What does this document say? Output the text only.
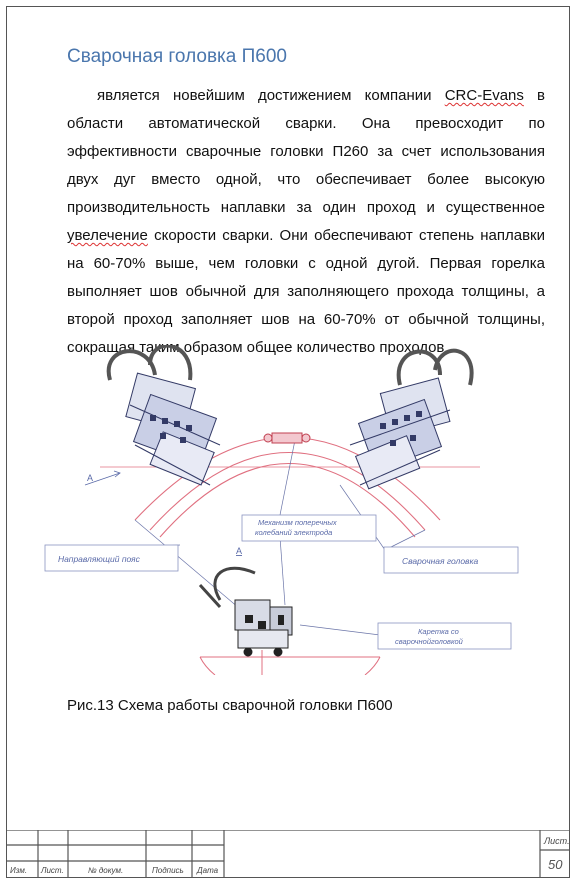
Сварочная головка П600
является новейшим достижением компании CRC-Evans в области автоматической сварки. Она превосходит по эффективности сварочные головки П260 за счет использования двух дуг вместо одной, что обеспечивает более высокую производительность наплавки за один проход и существенное увелечение скорости сварки. Они обеспечивают степень наплавки на 60-70% выше, чем головки с одной дугой. Первая горелка выполняет шов обычной для заполняющего прохода толщины, а второй проход заполняет шов на 60-70% от обычной толщины, сокращая таким образом общее количество проходов.
А
А
Направляющий пояс
Механизм поперечных
колебаний электрода
Сварочная головка
Каретка со
сварочнойголовкой
Рис.13 Схема работы сварочной головки П600
Изм. Лист.	№ докум.	Подпись Дата
Лист.
50
